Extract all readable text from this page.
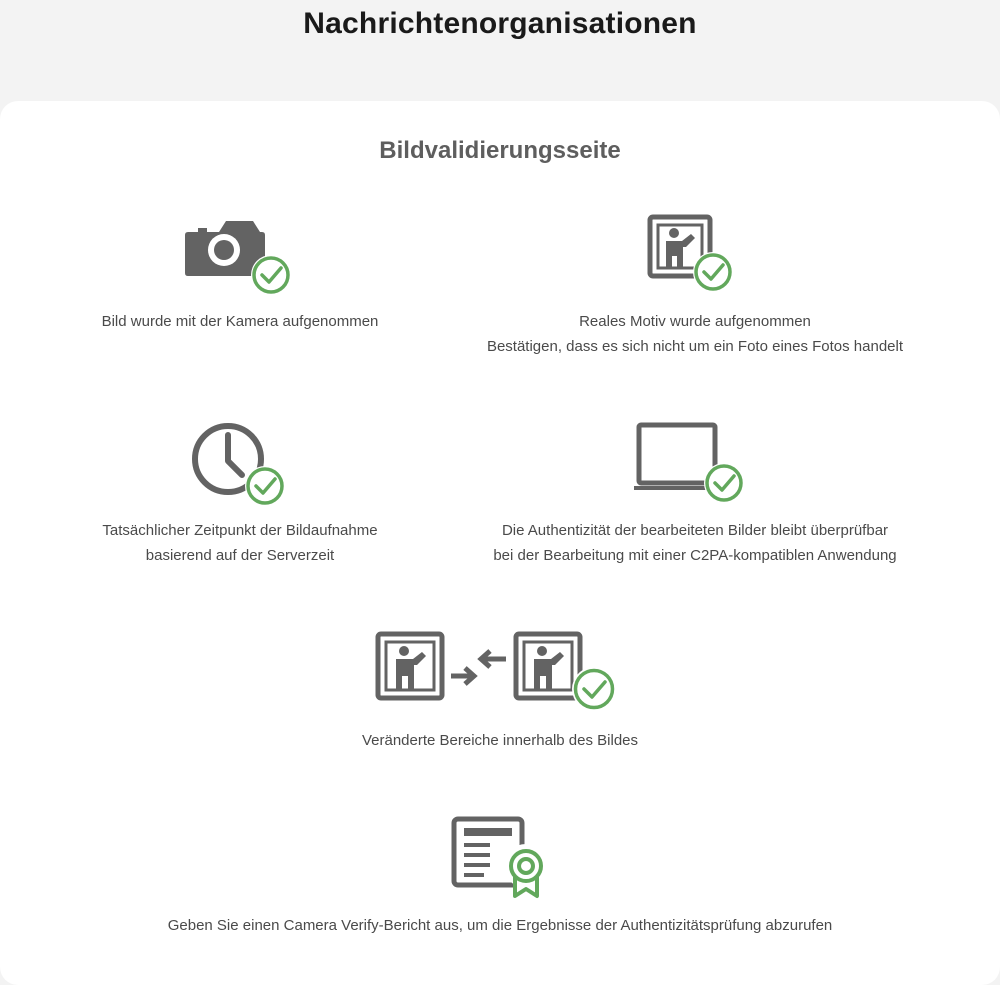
Nachrichtenorganisationen
Bildvalidierungsseite
Bild wurde mit der Kamera aufgenommen	Reales Motiv wurde aufgenommen
Bestätigen, dass es sich nicht um ein Foto eines Fotos handelt
Tatsächlicher Zeitpunkt der Bildaufnahme
basierend auf der Serverzeit
Die Authentizität der bearbeiteten Bilder bleibt überprüfbar
bei der Bearbeitung mit einer C2PA-kompatiblen Anwendung
Veränderte Bereiche innerhalb des Bildes
Geben Sie einen Camera Verify-Bericht aus, um die Ergebnisse der Authentizitätsprüfung abzurufen
